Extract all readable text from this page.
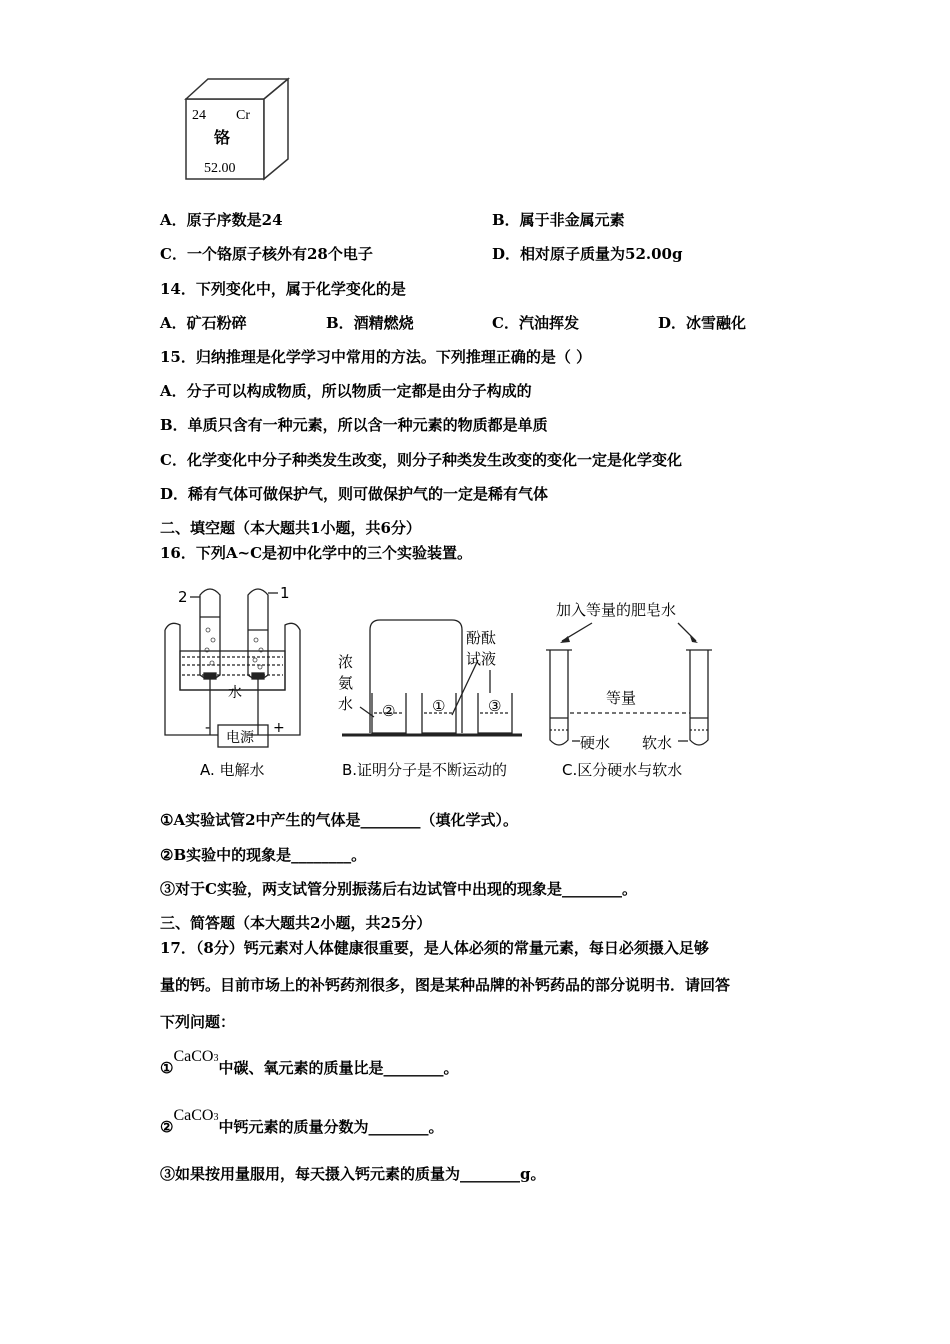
24 Cr
铬
52.00
A．原子序数是24	B．属于非金属元素
C．一个铬原子核外有28个电子	D．相对原子质量为52.00g
14．下列变化中，属于化学变化的是
A．矿石粉碎	B．酒精燃烧	C．汽油挥发	D．冰雪融化
15．归纳推理是化学学习中常用的方法。下列推理正确的是（ ）
A．分子可以构成物质，所以物质一定都是由分子构成的
B．单质只含有一种元素，所以含一种元素的物质都是单质
C．化学变化中分子种类发生改变，则分子种类发生改变的变化一定是化学变化
D．稀有气体可做保护气，则可做保护气的一定是稀有气体
二、填空题（本大题共1小题，共6分）
16．下列A~C是初中化学中的三个实验装置。
2	1
水
-	+
电源
A. 电解水
浓
氨
水
酚酞
试液
② ①	③
B.证明分子是不断运动的
加入等量的肥皂水
等量
硬水 软水
C.区分硬水与软水
①A实验试管2中产生的气体是________（填化学式）。
②B实验中的现象是________。
③对于C实验，两支试管分别振荡后右边试管中出现的现象是________。
三、简答题（本大题共2小题，共25分）
17．（8分）钙元素对人体健康很重要，是人体必须的常量元素，每日必须摄入足够
量的钙。目前市场上的补钙药剂很多，图是某种品牌的补钙药品的部分说明书．请回答
下列问题：
①CaCO3中碳、氧元素的质量比是________。
②CaCO3中钙元素的质量分数为________。
③如果按用量服用，每天摄入钙元素的质量为________g。
